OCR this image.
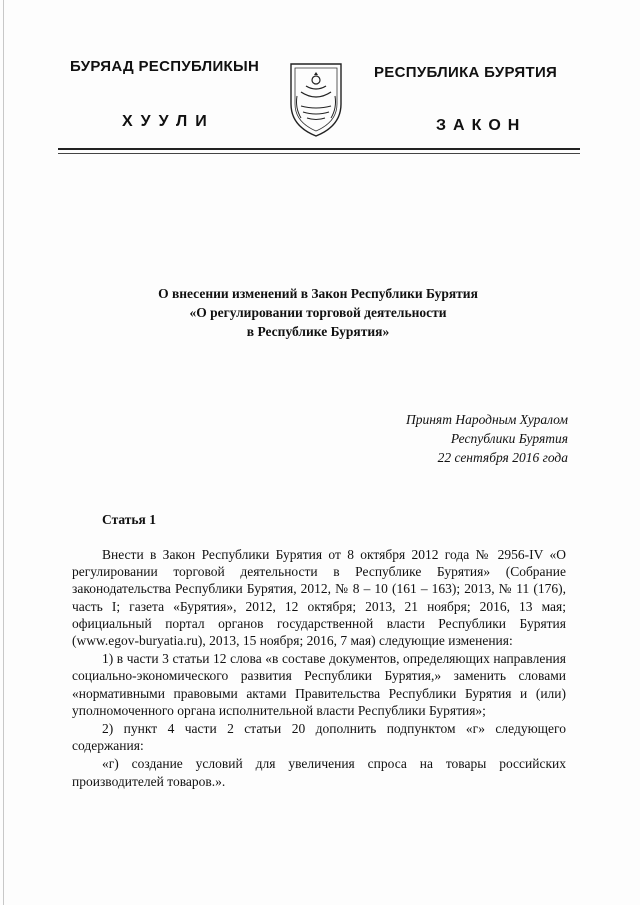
БУРЯАД РЕСПУБЛИКЫН
ХУУЛИ
РЕСПУБЛИКА БУРЯТИЯ
ЗАКОН
О внесении изменений в Закон Республики Бурятия
«О регулировании торговой деятельности
в Республике Бурятия»
Принят Народным Хуралом
Республики Бурятия
22 сентября 2016 года
Статья 1

Внести в Закон Республики Бурятия от 8 октября 2012 года № 2956-IV «О регулировании торговой деятельности в Республике Бурятия» (Собрание законодательства Республики Бурятия, 2012, № 8 – 10 (161 – 163); 2013, № 11 (176), часть I; газета «Бурятия», 2012, 12 октября; 2013, 21 ноября; 2016, 13 мая; официальный портал органов государственной власти Республики Бурятия (www.egov-buryatia.ru), 2013, 15 ноября; 2016, 7 мая) следующие изменения:

1) в части 3 статьи 12 слова «в составе документов, определяющих направления социально-экономического развития Республики Бурятия,» заменить словами «нормативными правовыми актами Правительства Республики Бурятия и (или) уполномоченного органа исполнительной власти Республики Бурятия»;

2) пункт 4 части 2 статьи 20 дополнить подпунктом «г» следующего содержания:

«г) создание условий для увеличения спроса на товары российских производителей товаров.».
